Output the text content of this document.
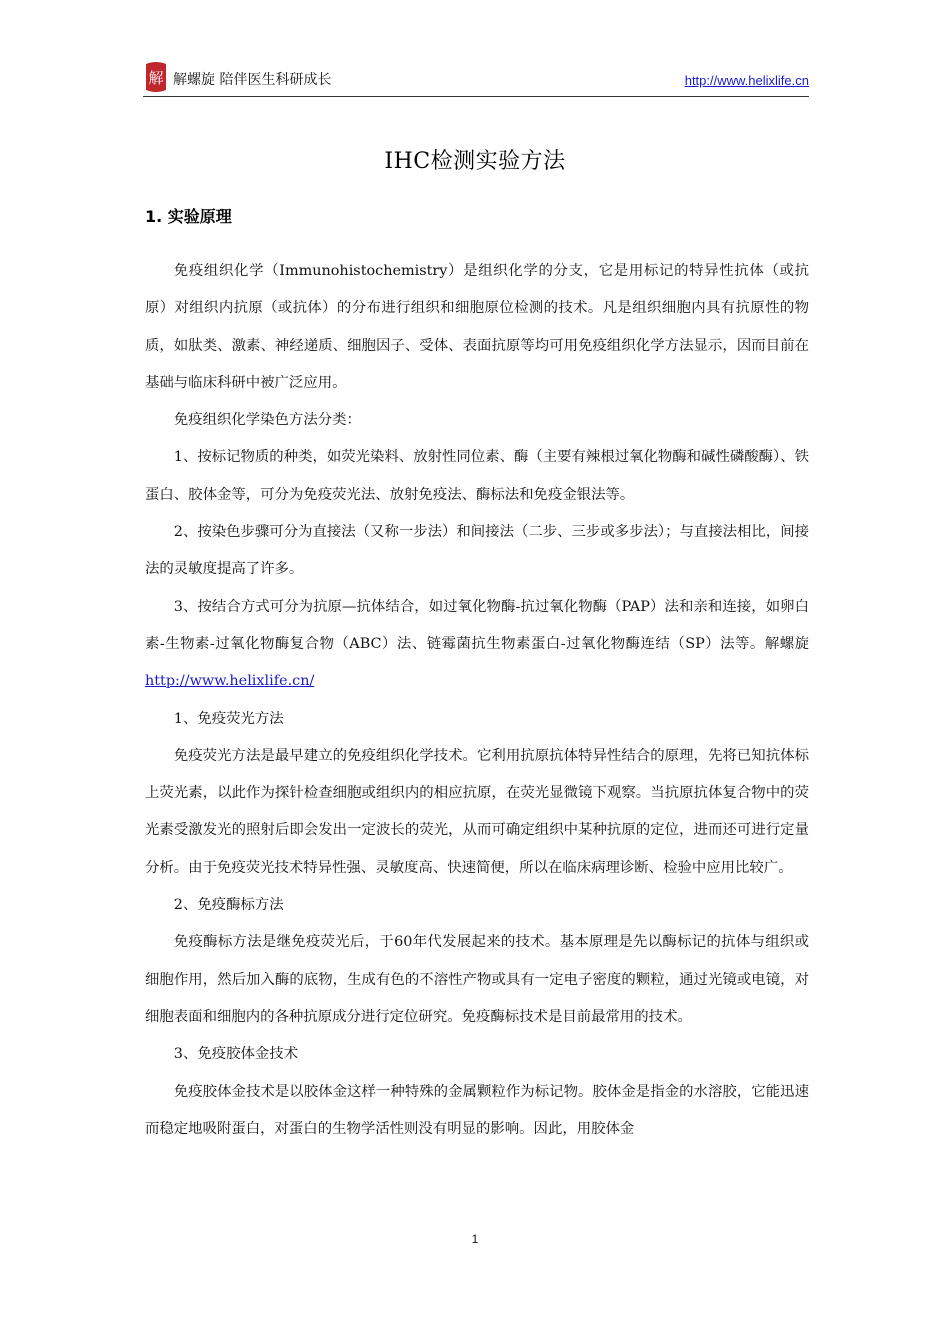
解 解螺旋 陪伴医生科研成长	http://www.helixlife.cn
IHC检测实验方法
1. 实验原理

免疫组织化学（Immunohistochemistry）是组织化学的分支，它是用标记的特异性抗体（或抗原）对组织内抗原（或抗体）的分布进行组织和细胞原位检测的技术。凡是组织细胞内具有抗原性的物质，如肽类、激素、神经递质、细胞因子、受体、表面抗原等均可用免疫组织化学方法显示，因而目前在基础与临床科研中被广泛应用。

免疫组织化学染色方法分类：

1、按标记物质的种类，如荧光染料、放射性同位素、酶（主要有辣根过氧化物酶和碱性磷酸酶）、铁蛋白、胶体金等，可分为免疫荧光法、放射免疫法、酶标法和免疫金银法等。

2、按染色步骤可分为直接法（又称一步法）和间接法（二步、三步或多步法）；与直接法相比，间接法的灵敏度提高了许多。

3、按结合方式可分为抗原—抗体结合，如过氧化物酶-抗过氧化物酶（PAP）法和亲和连接，如卵白素-生物素-过氧化物酶复合物（ABC）法、链霉菌抗生物素蛋白-过氧化物酶连结（SP）法等。解螺旋 http://www.helixlife.cn/

1、免疫荧光方法

免疫荧光方法是最早建立的免疫组织化学技术。它利用抗原抗体特异性结合的原理，先将已知抗体标上荧光素，以此作为探针检查细胞或组织内的相应抗原，在荧光显微镜下观察。当抗原抗体复合物中的荧光素受激发光的照射后即会发出一定波长的荧光，从而可确定组织中某种抗原的定位，进而还可进行定量分析。由于免疫荧光技术特异性强、灵敏度高、快速简便，所以在临床病理诊断、检验中应用比较广。

2、免疫酶标方法

免疫酶标方法是继免疫荧光后，于60年代发展起来的技术。基本原理是先以酶标记的抗体与组织或细胞作用，然后加入酶的底物，生成有色的不溶性产物或具有一定电子密度的颗粒，通过光镜或电镜，对细胞表面和细胞内的各种抗原成分进行定位研究。免疫酶标技术是目前最常用的技术。

3、免疫胶体金技术

免疫胶体金技术是以胶体金这样一种特殊的金属颗粒作为标记物。胶体金是指金的水溶胶，它能迅速而稳定地吸附蛋白，对蛋白的生物学活性则没有明显的影响。因此，用胶体金

1
